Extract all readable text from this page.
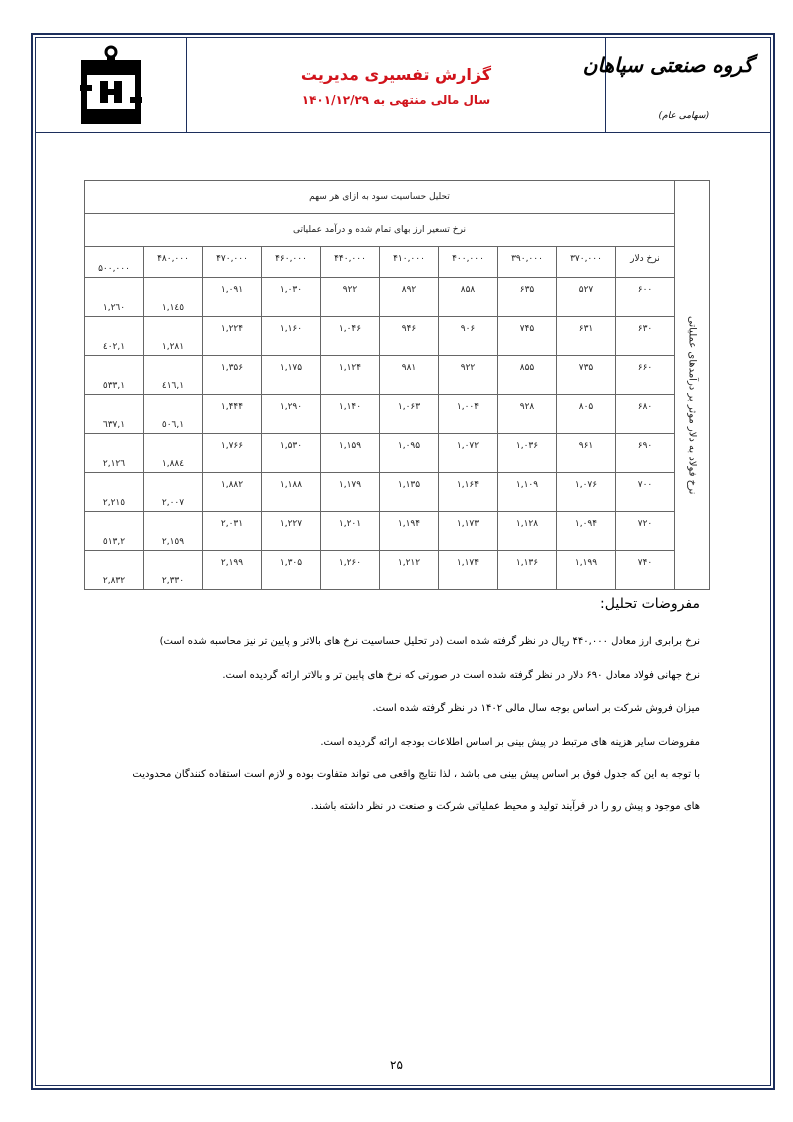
گزارش تفسیری مدیریت
سال مالی منتهی به ۱۴۰۱/۱۲/۲۹
گروه صنعتی سپاهان
(سهامی عام)
نرخ فولاد به دلار موثر بر درآمدهای عملیاتی	تحلیل حساسیت سود به ازای هر سهم									
	نرخ تسعیر ارز بهای تمام شده و درآمد عملیاتی									

	نرخ دلار	۳۷۰,۰۰۰	۳۹۰,۰۰۰	۴۰۰,۰۰۰	۴۱۰,۰۰۰	۴۴۰,۰۰۰	۴۶۰,۰۰۰	۴۷۰,۰۰۰	۴۸۰,۰۰۰	۵۰۰,۰۰۰

	۶۰۰	۵۲۷	۶۳۵	۸۵۸	۸۹۲	۹۲۲	۱,۰۳۰	۱,۰۹۱	۱,۱٤٥	۱,۲٦۰

	۶۳۰	۶۳۱	۷۴۵	۹۰۶	۹۴۶	۱,۰۴۶	۱,۱۶۰	۱,۲۲۴	۱,۲۸۱	۱,٤۰۲

	۶۶۰	۷۳۵	۸۵۵	۹۲۲	۹۸۱	۱,۱۲۴	۱,۱۷۵	۱,۳۵۶	۱,٤۱٦	۱,٥۳۳

	۶۸۰	۸۰۵	۹۲۸	۱,۰۰۴	۱,۰۶۳	۱,۱۴۰	۱,۲۹۰	۱,۴۴۴	۱,٥۰٦	۱,٦۳۷

	۶۹۰	۹۶۱	۱,۰۳۶	۱,۰۷۲	۱,۰۹۵	۱,۱۵۹	۱,۵۳۰	۱,۷۶۶	۱,۸۸٤	۲,۱۲٦

	۷۰۰	۱,۰۷۶	۱,۱۰۹	۱,۱۶۴	۱,۱۳۵	۱,۱۷۹	۱,۱۸۸	۱,۸۸۲	۲,۰۰۷	۲,۲۱٥

	۷۲۰	۱,۰۹۴	۱,۱۲۸	۱,۱۷۳	۱,۱۹۴	۱,۲۰۱	۱,۲۲۷	۲,۰۳۱	۲,۱٥۹	۲,٥۱۳

	۷۴۰	۱,۱۹۹	۱,۱۳۶	۱,۱۷۴	۱,۲۱۲	۱,۲۶۰	۱,۳۰۵	۲,۱۹۹	۲,۳۳۰	۲,۸۳۲
مفروضات تحلیل:
نرخ برابری ارز معادل ۴۴۰,۰۰۰ ریال در نظر گرفته شده است (در تحلیل حساسیت نرخ های بالاتر و پایین تر نیز محاسبه شده است)
نرخ جهانی فولاد معادل ۶۹۰ دلار در نظر گرفته شده است در صورتی که نرخ های پایین تر و بالاتر ارائه گردیده است.
میزان فروش شرکت بر اساس بوجه سال مالی ۱۴۰۲ در نظر گرفته شده است.
مفروضات سایر هزینه های مرتبط در پیش بینی بر اساس اطلاعات بودجه ارائه گردیده است.
با توجه به این که جدول فوق بر اساس پیش بینی می باشد ، لذا نتایج واقعی می تواند متفاوت بوده و لازم است استفاده کنندگان محدودیت
های موجود و پیش رو را در فرآیند تولید و محیط عملیاتی شرکت و صنعت در نظر داشته باشند.
۲۵
